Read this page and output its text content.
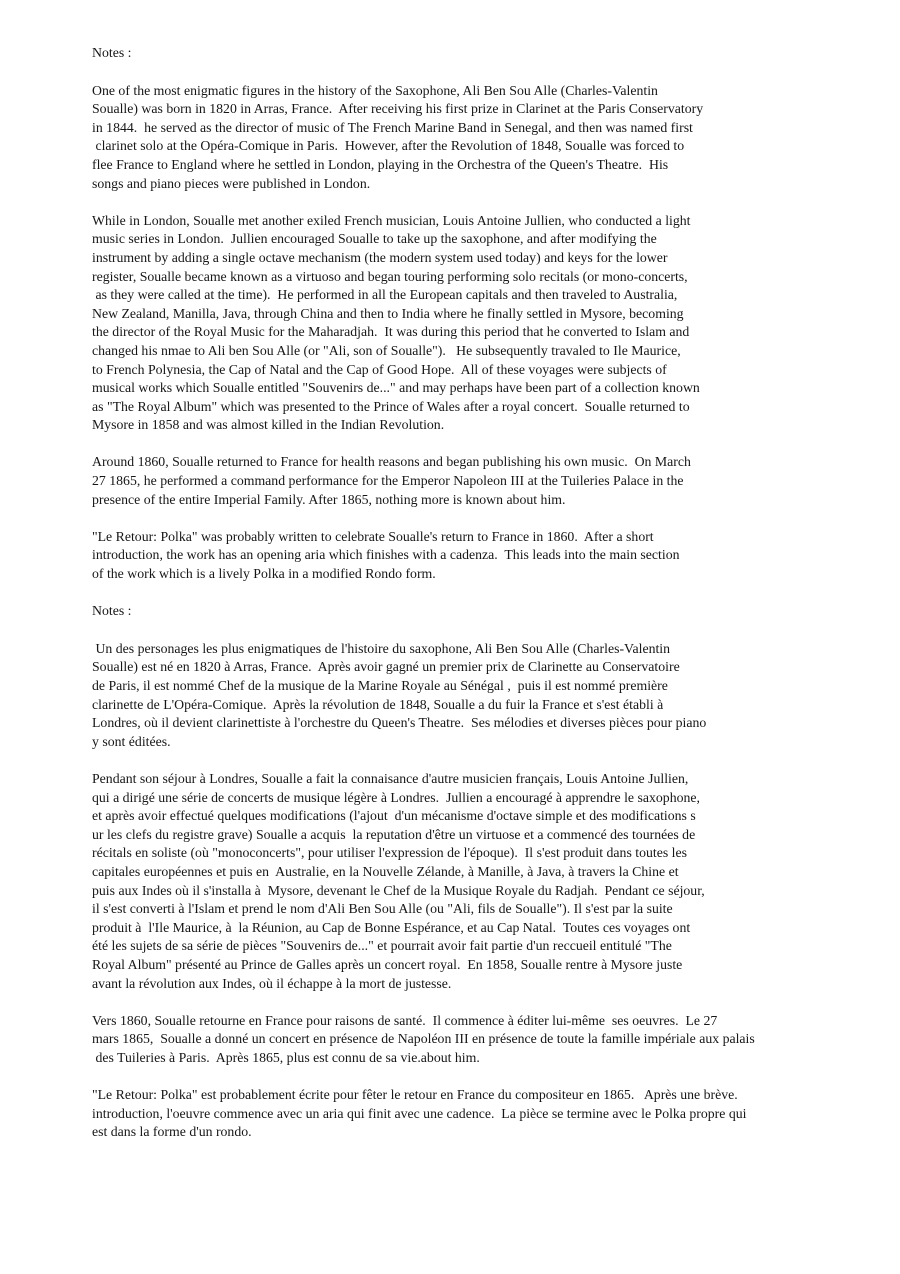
Notes :

One of the most enigmatic figures in the history of the Saxophone, Ali Ben Sou Alle (Charles-Valentin
Soualle) was born in 1820 in Arras, France.  After receiving his first prize in Clarinet at the Paris Conservatory
in 1844.  he served as the director of music of The French Marine Band in Senegal, and then was named first
clarinet solo at the Opéra-Comique in Paris.  However, after the Revolution of 1848, Soualle was forced to
flee France to England where he settled in London, playing in the Orchestra of the Queen's Theatre.  His
songs and piano pieces were published in London.

While in London, Soualle met another exiled French musician, Louis Antoine Jullien, who conducted a light
music series in London.  Jullien encouraged Soualle to take up the saxophone, and after modifying the
instrument by adding a single octave mechanism (the modern system used today) and keys for the lower
register, Soualle became known as a virtuoso and began touring performing solo recitals (or mono-concerts,
as they were called at the time).  He performed in all the European capitals and then traveled to Australia,
New Zealand, Manilla, Java, through China and then to India where he finally settled in Mysore, becoming
the director of the Royal Music for the Maharadjah.  It was during this period that he converted to Islam and
changed his nmae to Ali ben Sou Alle (or "Ali, son of Soualle").   He subsequently travaled to Ile Maurice,
to French Polynesia, the Cap of Natal and the Cap of Good Hope.  All of these voyages were subjects of
musical works which Soualle entitled "Souvenirs de..." and may perhaps have been part of a collection known
as "The Royal Album" which was presented to the Prince of Wales after a royal concert.  Soualle returned to
Mysore in 1858 and was almost killed in the Indian Revolution.

Around 1860, Soualle returned to France for health reasons and began publishing his own music.  On March
27 1865, he performed a command performance for the Emperor Napoleon III at the Tuileries Palace in the
presence of the entire Imperial Family. After 1865, nothing more is known about him.

"Le Retour: Polka" was probably written to celebrate Soualle's return to France in 1860.  After a short
introduction, the work has an opening aria which finishes with a cadenza.  This leads into the main section
of the work which is a lively Polka in a modified Rondo form.

Notes :

Un des personages les plus enigmatiques de l'histoire du saxophone, Ali Ben Sou Alle (Charles-Valentin
Soualle) est né en 1820 à Arras, France.  Après avoir gagné un premier prix de Clarinette au Conservatoire
de Paris, il est nommé Chef de la musique de la Marine Royale au Sénégal ,  puis il est nommé première
clarinette de L'Opéra-Comique.  Après la révolution de 1848, Soualle a du fuir la France et s'est établi à
Londres, où il devient clarinettiste à l'orchestre du Queen's Theatre.  Ses mélodies et diverses pièces pour piano
y sont éditées.

Pendant son séjour à Londres, Soualle a fait la connaisance d'autre musicien français, Louis Antoine Jullien,
qui a dirigé une série de concerts de musique légère à Londres.  Jullien a encouragé à apprendre le saxophone,
et après avoir effectué quelques modifications (l'ajout  d'un mécanisme d'octave simple et des modifications s
ur les clefs du registre grave) Soualle a acquis  la reputation d'être un virtuose et a commencé des tournées de
récitals en soliste (où "monoconcerts", pour utiliser l'expression de l'époque).  Il s'est produit dans toutes les
capitales européennes et puis en  Australie, en la Nouvelle Zélande, à Manille, à Java, à travers la Chine et
puis aux Indes où il s'installa à  Mysore, devenant le Chef de la Musique Royale du Radjah.  Pendant ce séjour,
il s'est converti à l'Islam et prend le nom d'Ali Ben Sou Alle (ou "Ali, fils de Soualle"). Il s'est par la suite
produit à  l'Ile Maurice, à  la Réunion, au Cap de Bonne Espérance, et au Cap Natal.  Toutes ces voyages ont
été les sujets de sa série de pièces "Souvenirs de..." et pourrait avoir fait partie d'un reccueil entitulé "The
Royal Album" présenté au Prince de Galles après un concert royal.  En 1858, Soualle rentre à Mysore juste
avant la révolution aux Indes, où il échappe à la mort de justesse.

Vers 1860, Soualle retourne en France pour raisons de santé.  Il commence à éditer lui-même  ses oeuvres.  Le 27
mars 1865,  Soualle a donné un concert en présence de Napoléon III en présence de toute la famille impériale aux palais
des Tuileries à Paris.  Après 1865, plus est connu de sa vie.about him.

"Le Retour: Polka" est probablement écrite pour fêter le retour en France du compositeur en 1865.   Après une brève.
introduction, l'oeuvre commence avec un aria qui finit avec une cadence.  La pièce se termine avec le Polka propre qui
est dans la forme d'un rondo.
